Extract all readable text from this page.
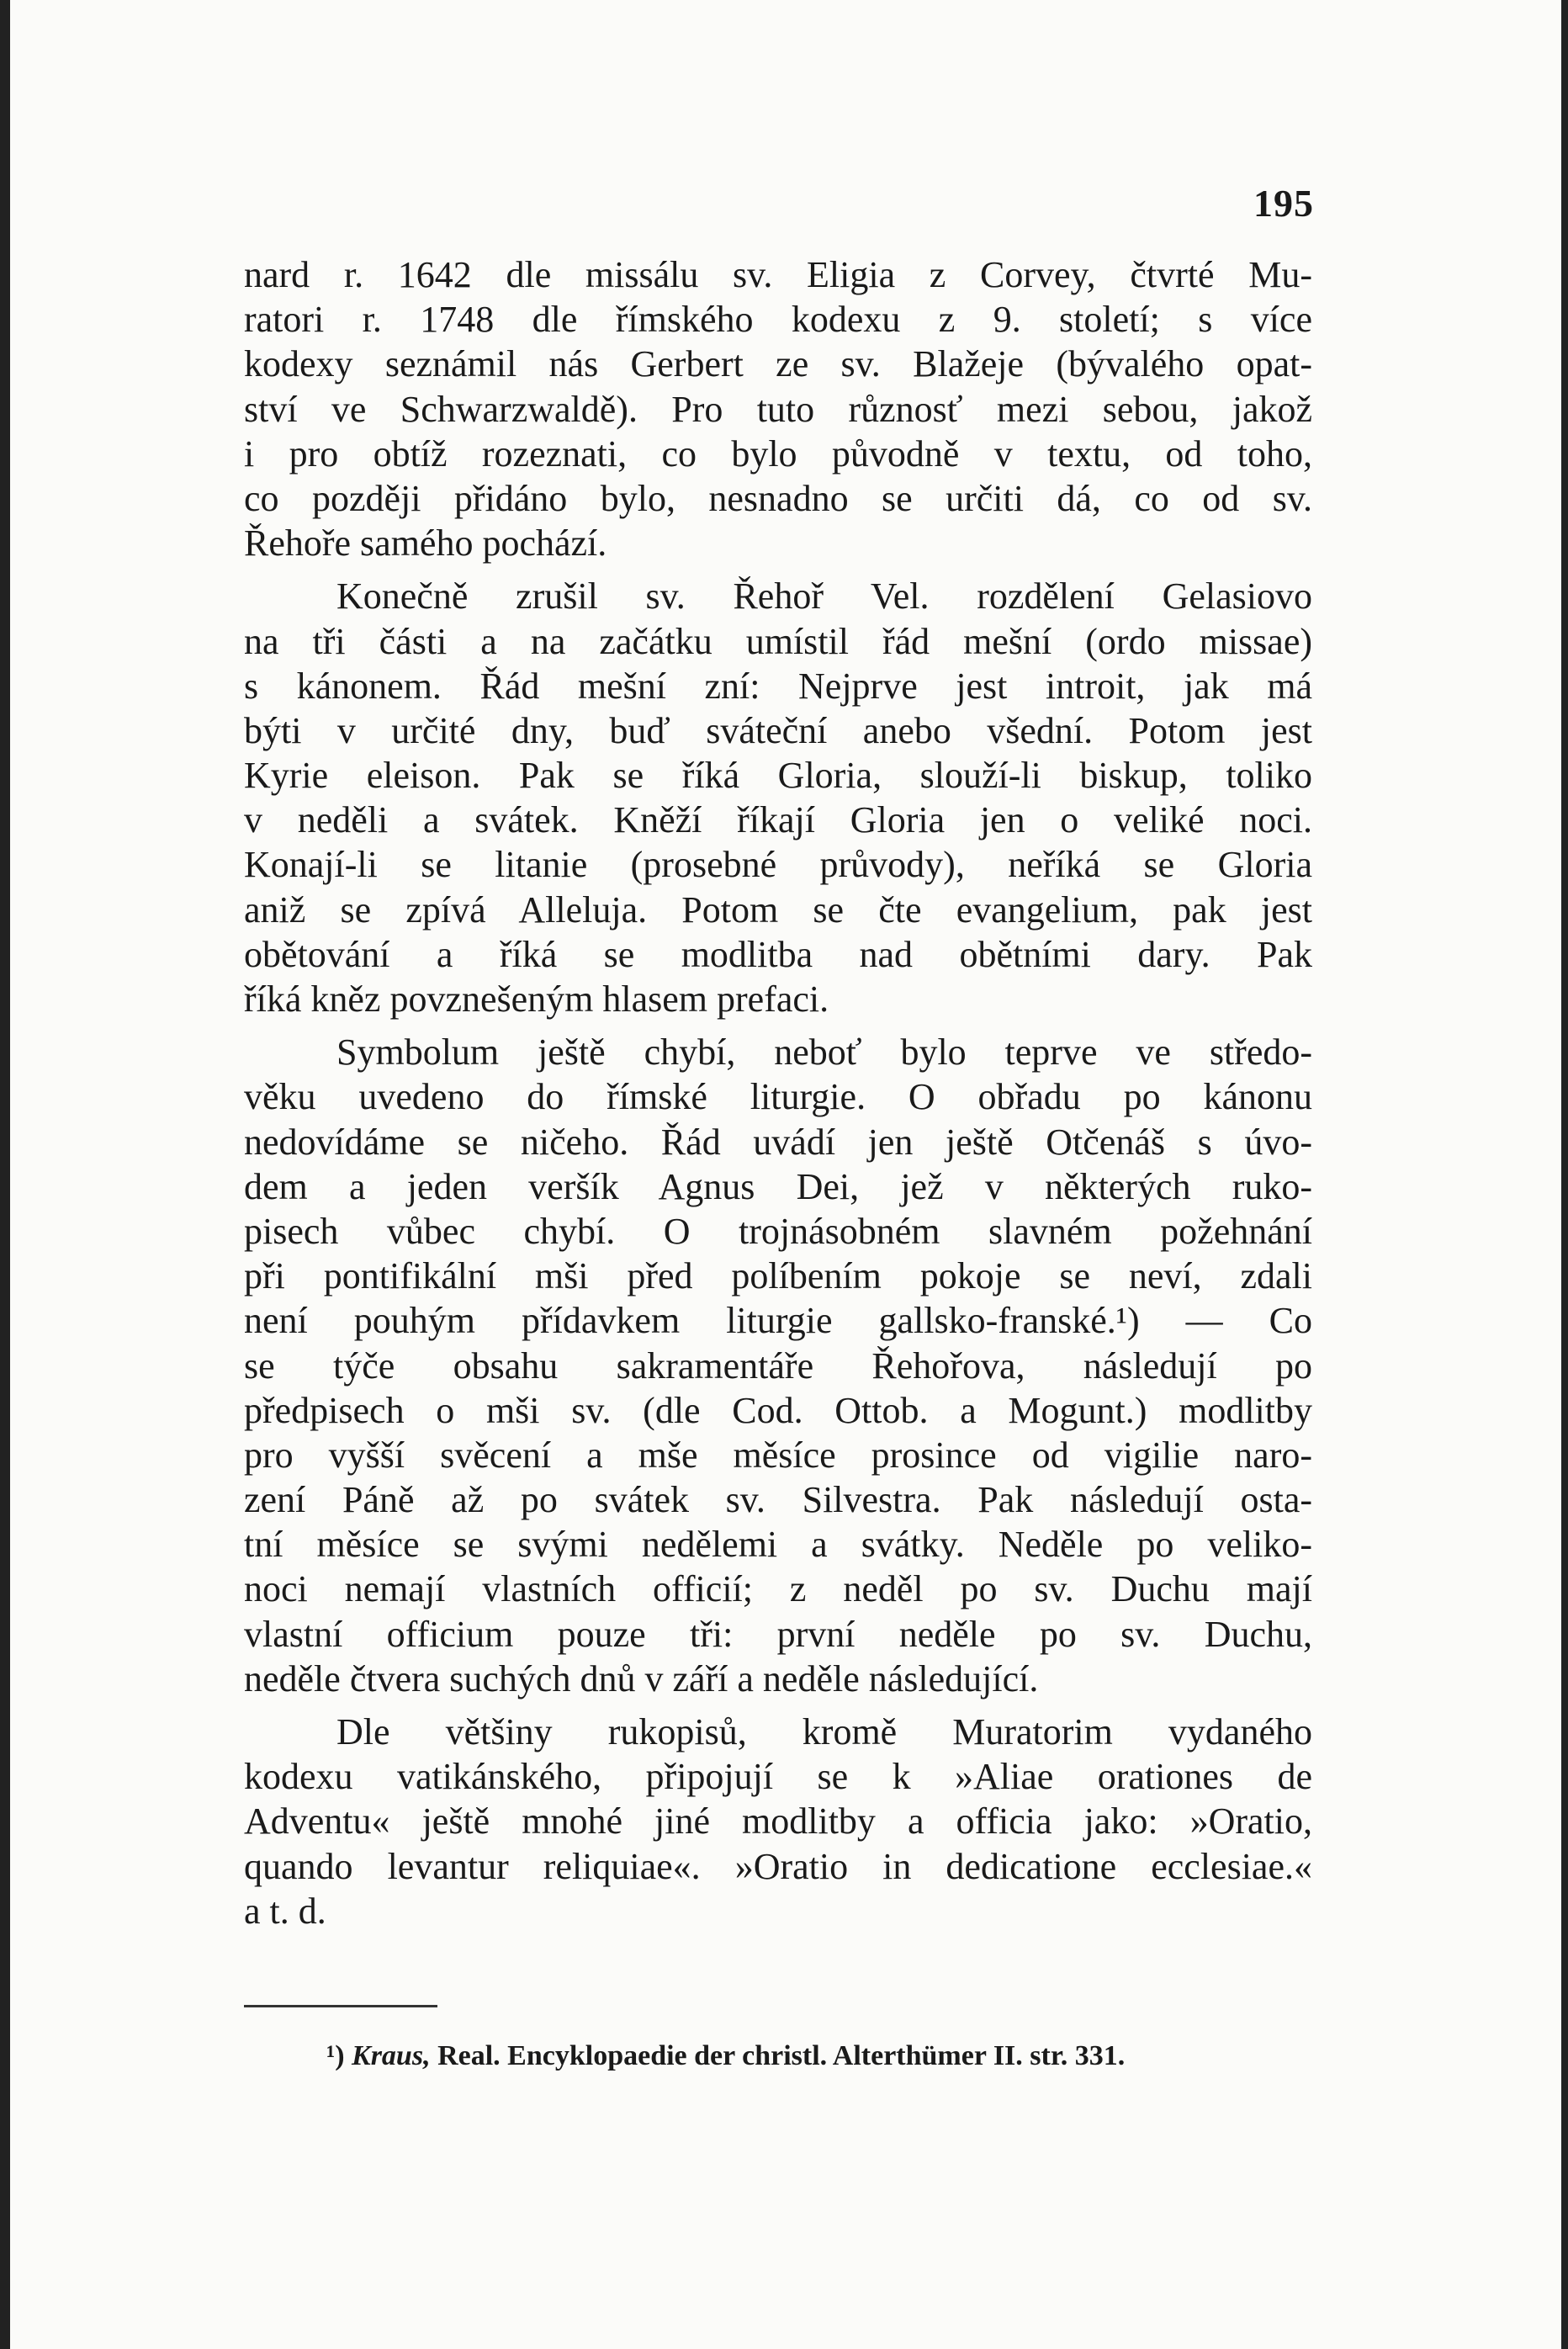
195
nard r. 1642 dle missálu sv. Eligia z Corvey, čtvrté Mu-
ratori r. 1748 dle římského kodexu z 9. století; s více
kodexy seznámil nás Gerbert ze sv. Blažeje (bývalého opat-
ství ve Schwarzwaldě). Pro tuto různosť mezi sebou, jakož
i pro obtíž rozeznati, co bylo původně v textu, od toho,
co později přidáno bylo, nesnadno se určiti dá, co od sv.
Řehoře samého pochází.
Konečně zrušil sv. Řehoř Vel. rozdělení Gelasiovo
na tři části a na začátku umístil řád mešní (ordo missae)
s kánonem. Řád mešní zní: Nejprve jest introit, jak má
býti v určité dny, buď sváteční anebo všední. Potom jest
Kyrie eleison. Pak se říká Gloria, slouží-li biskup, toliko
v neděli a svátek. Kněží říkají Gloria jen o veliké noci.
Konají-li se litanie (prosebné průvody), neříká se Gloria
aniž se zpívá Alleluja. Potom se čte evangelium, pak jest
obětování a říká se modlitba nad obětními dary. Pak
říká kněz povznešeným hlasem prefaci.
Symbolum ještě chybí, neboť bylo teprve ve středo-
věku uvedeno do římské liturgie. O obřadu po kánonu
nedovídáme se ničeho. Řád uvádí jen ještě Otčenáš s úvo-
dem a jeden veršík Agnus Dei, jež v některých ruko-
pisech vůbec chybí. O trojnásobném slavném požehnání
při pontifikální mši před políbením pokoje se neví, zdali
není pouhým přídavkem liturgie gallsko-franské.¹) — Co
se týče obsahu sakramentáře Řehořova, následují po
předpisech o mši sv. (dle Cod. Ottob. a Mogunt.) modlitby
pro vyšší svěcení a mše měsíce prosince od vigilie naro-
zení Páně až po svátek sv. Silvestra. Pak následují osta-
tní měsíce se svými nedělemi a svátky. Neděle po veliko-
noci nemají vlastních officií; z neděl po sv. Duchu mají
vlastní officium pouze tři: první neděle po sv. Duchu,
neděle čtvera suchých dnů v září a neděle následující.
Dle většiny rukopisů, kromě Muratorim vydaného
kodexu vatikánského, připojují se k »Aliae orationes de
Adventu« ještě mnohé jiné modlitby a officia jako: »Oratio,
quando levantur reliquiae«. »Oratio in dedicatione ecclesiae.«
a t. d.
¹) Kraus, Real. Encyklopaedie der christl. Alterthümer II. str. 331.
